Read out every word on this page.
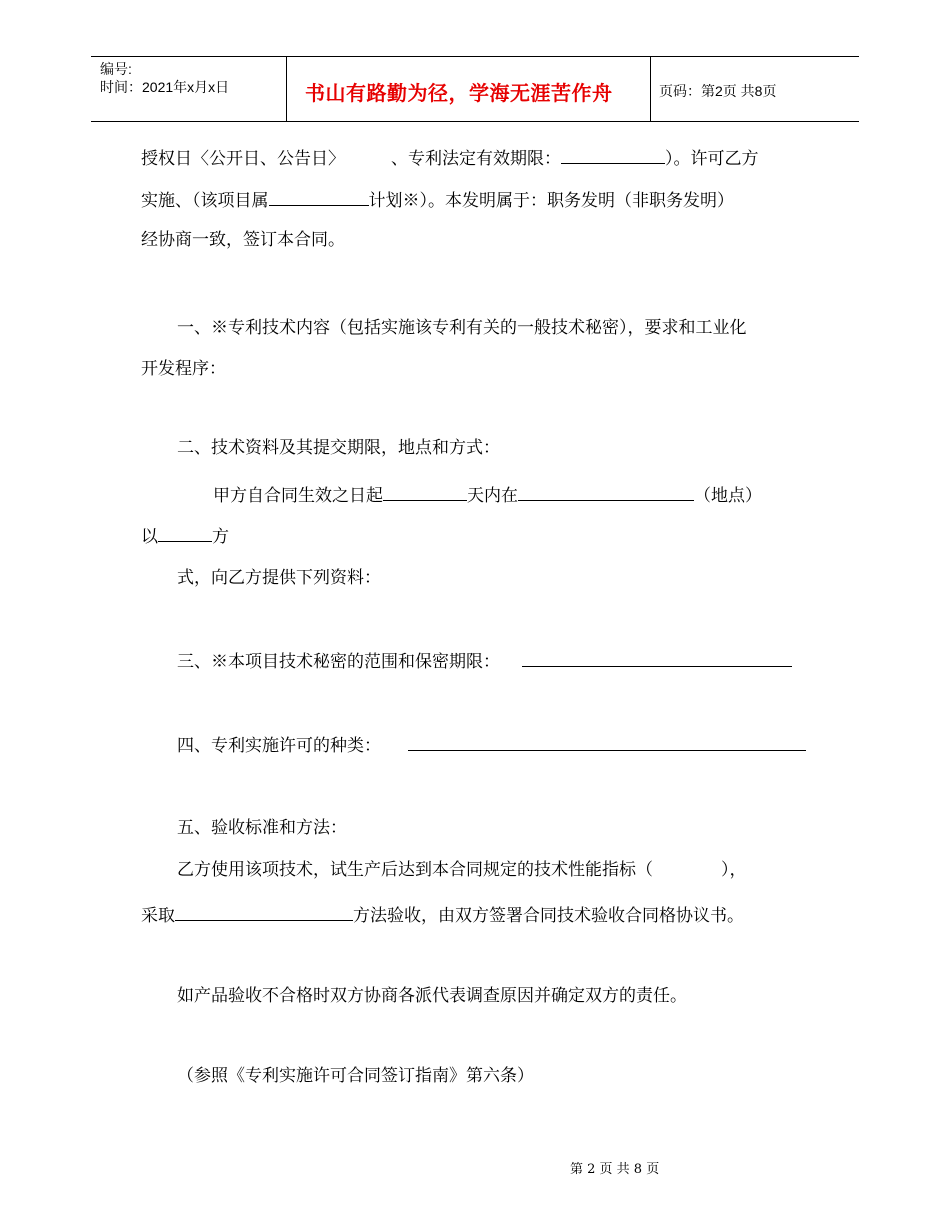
编号:
时间：2021年x月x日	书山有路勤为径，学海无涯苦作舟	页码：第2页 共8页
授权日〈公开日、公告日〉	、专利法定有效期限：	）。许可乙方
实施、（该项目属	计划※）。本发明属于：职务发明（非职务发明）
经协商一致，签订本合同。
一、※专利技术内容（包括实施该专利有关的一般技术秘密），要求和工业化
开发程序：
二、技术资料及其提交期限，地点和方式：
甲方自合同生效之日起	天内在	（地点）
以	方
式，向乙方提供下列资料：
三、※本项目技术秘密的范围和保密期限：
四、专利实施许可的种类：
五、验收标准和方法：
乙方使用该项技术，试生产后达到本合同规定的技术性能指标（	），
采取	方法验收，由双方签署合同技术验收合同格协议书。
如产品验收不合格时双方协商各派代表调查原因并确定双方的责任。
（参照《专利实施许可合同签订指南》第六条）
第 2 页 共 8 页
